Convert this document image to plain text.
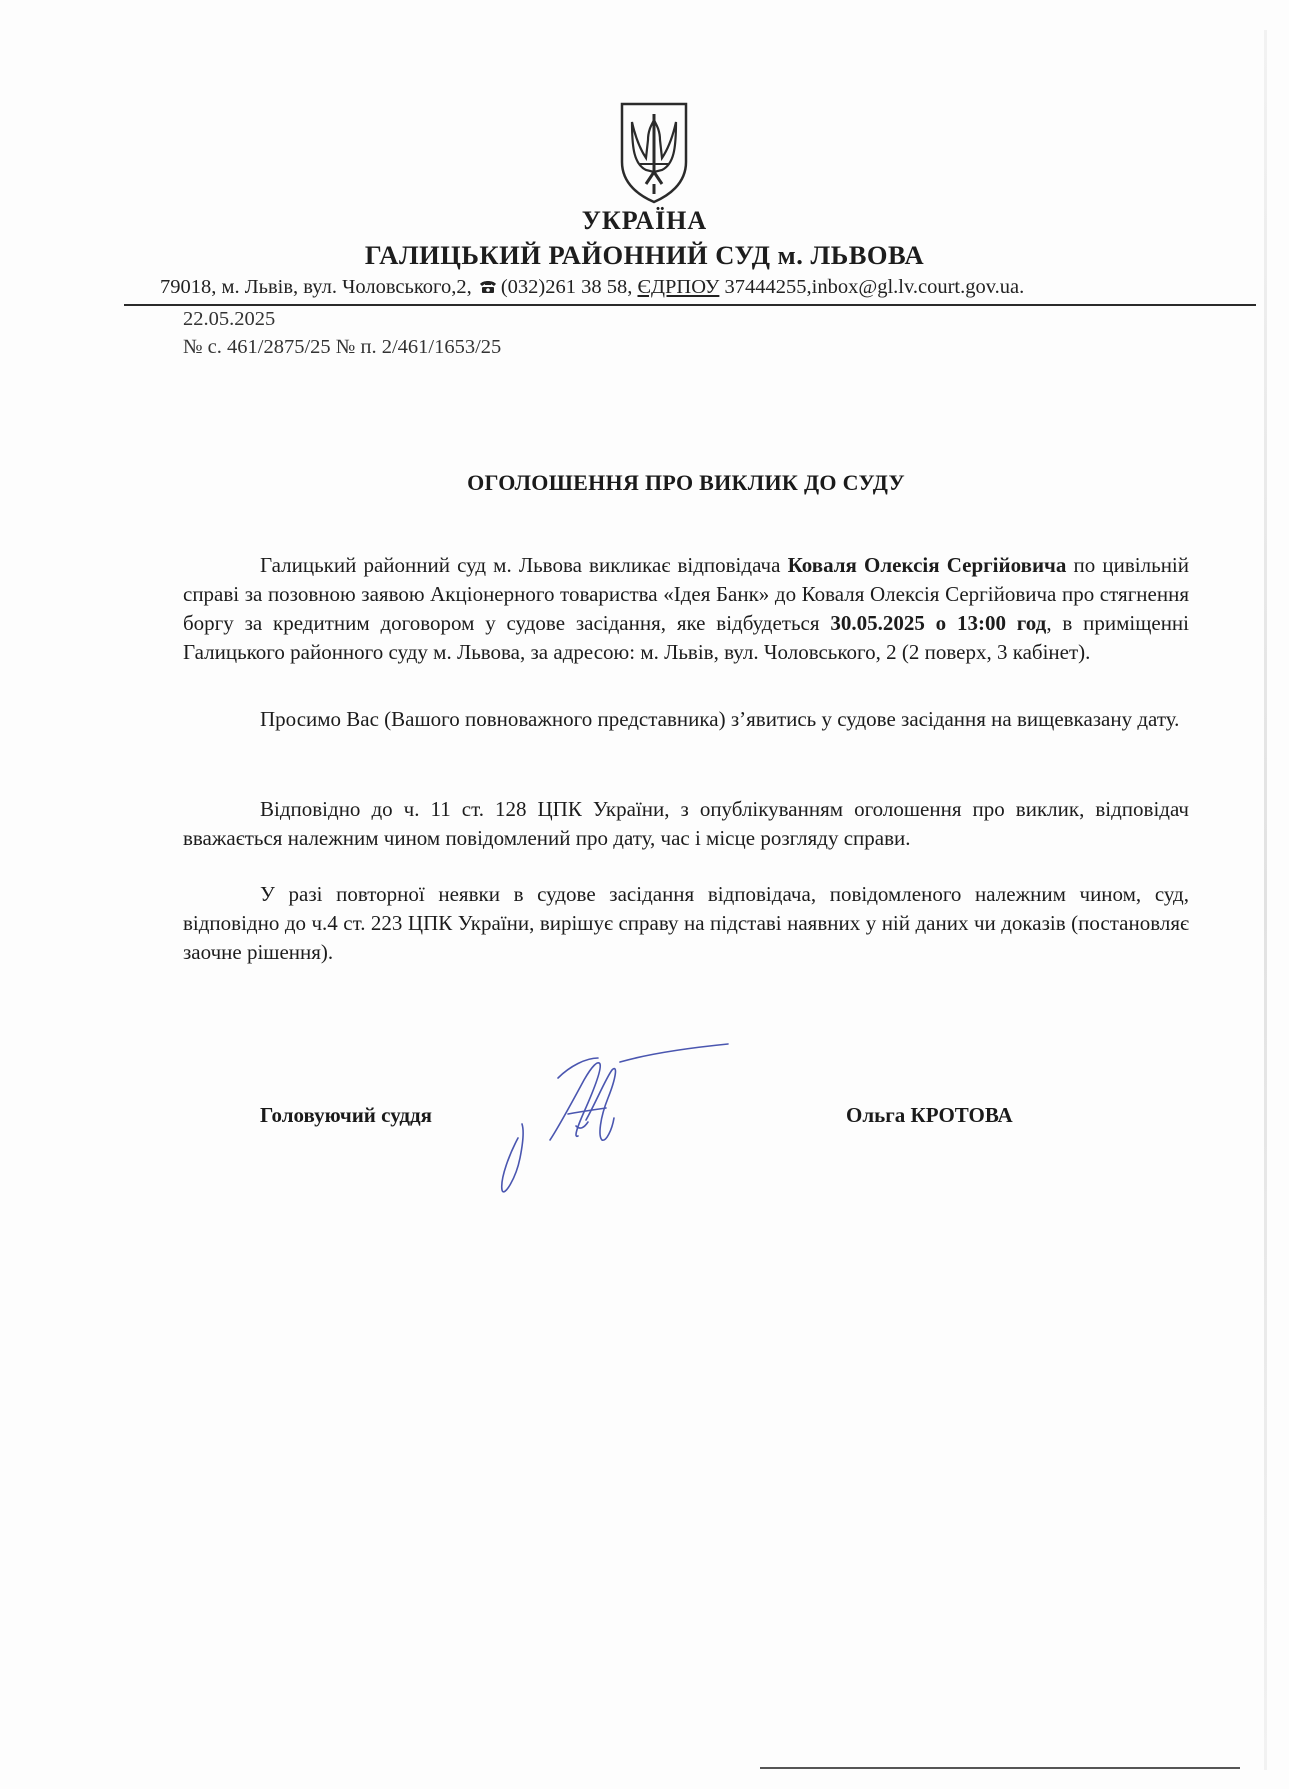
УКРАЇНА
ГАЛИЦЬКИЙ РАЙОННИЙ СУД м. ЛЬВОВА
79018, м. Львів, вул. Чоловського,2, (032)261 38 58, ЄДРПОУ 37444255,inbox@gl.lv.court.gov.ua.
22.05.2025
№ с. 461/2875/25 № п. 2/461/1653/25
ОГОЛОШЕННЯ ПРО ВИКЛИК ДО СУДУ

Галицький районний суд м. Львова викликає відповідача Коваля Олексія Сергійовича по цивільній справі за позовною заявою Акціонерного товариства «Ідея Банк» до Коваля Олексія Сергійовича про стягнення боргу за кредитним договором у судове засідання, яке відбудеться 30.05.2025 о 13:00 год, в приміщенні Галицького районного суду м. Львова, за адресою: м. Львів, вул. Чоловського, 2 (2 поверх, 3 кабінет).

Просимо Вас (Вашого повноважного представника) з’явитись у судове засідання на вищевказану дату.

Відповідно до ч. 11 ст. 128 ЦПК України, з опублікуванням оголошення про виклик, відповідач вважається належним чином повідомлений про дату, час і місце розгляду справи.

У разі повторної неявки в судове засідання відповідача, повідомленого належним чином, суд, відповідно до ч.4 ст. 223 ЦПК України, вирішує справу на підставі наявних у ній даних чи доказів (постановляє заочне рішення).

Головуючий суддя	Ольга КРОТОВА
